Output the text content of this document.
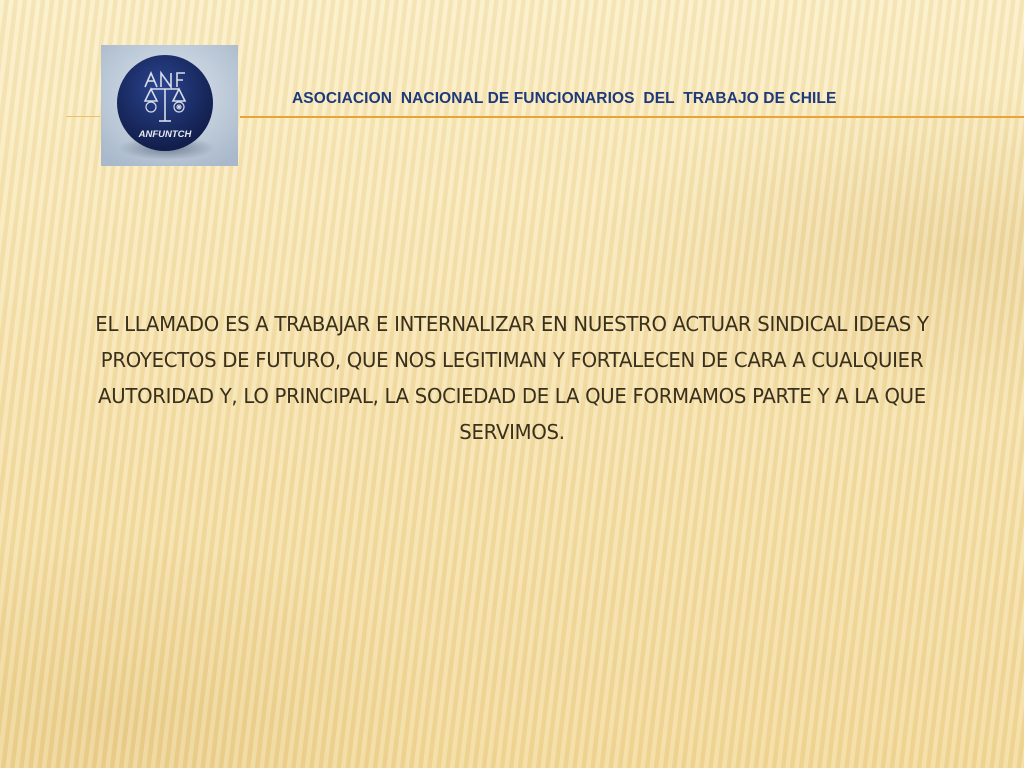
ANFUNTCH
ASOCIACION  NACIONAL DE FUNCIONARIOS  DEL  TRABAJO DE CHILE
EL LLAMADO ES A TRABAJAR E INTERNALIZAR EN NUESTRO ACTUAR SINDICAL IDEAS Y PROYECTOS DE FUTURO, QUE NOS LEGITIMAN Y FORTALECEN DE CARA A CUALQUIER AUTORIDAD Y, LO PRINCIPAL, LA SOCIEDAD DE LA QUE FORMAMOS PARTE Y A LA QUE SERVIMOS.
